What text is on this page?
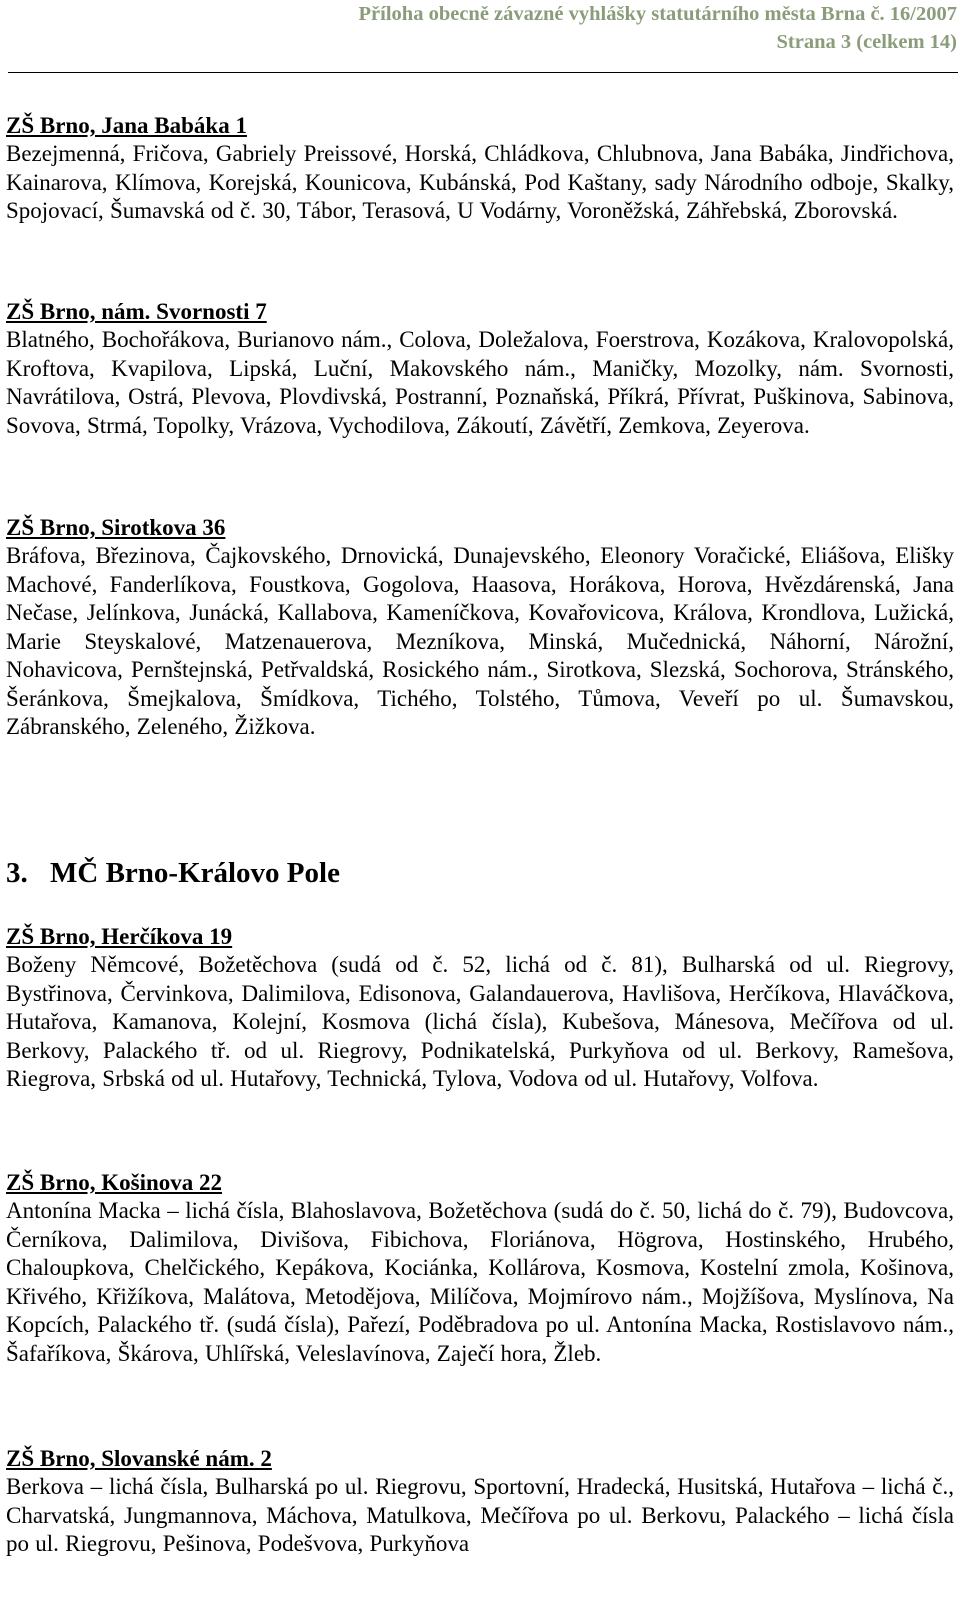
Příloha obecně závazné vyhlášky statutárního města Brna č. 16/2007
Strana 3 (celkem 14)
ZŠ Brno, Jana Babáka 1
Bezejmenná, Fričova, Gabriely Preissové, Horská, Chládkova, Chlubnova, Jana Babáka, Jindřichova, Kainarova, Klímova, Korejská, Kounicova, Kubánská, Pod Kaštany, sady Národního odboje, Skalky, Spojovací, Šumavská od č. 30, Tábor, Terasová, U Vodárny, Voroněžská, Záhřebská, Zborovská.
ZŠ Brno, nám. Svornosti 7
Blatného, Bochořákova, Burianovo nám., Colova, Doležalova, Foerstrova, Kozákova, Kralovopolská, Kroftova, Kvapilova, Lipská, Luční, Makovského nám., Maničky, Mozolky, nám. Svornosti, Navrátilova, Ostrá, Plevova, Plovdivská, Postranní, Poznaňská, Příkrá, Přívrat, Puškinova, Sabinova, Sovova, Strmá, Topolky, Vrázova, Vychodilova, Zákoutí, Závětří, Zemkova, Zeyerova.
ZŠ Brno, Sirotkova 36
Bráfova, Březinova, Čajkovského, Drnovická, Dunajevského, Eleonory Voračické, Eliášova, Elišky Machové, Fanderlíkova, Foustkova, Gogolova, Haasova, Horákova, Horova, Hvězdárenská, Jana Nečase, Jelínkova, Junácká, Kallabova, Kameníčkova, Kovařovicova, Králova, Krondlova, Lužická, Marie Steyskalové, Matzenauerova, Mezníkova, Minská, Mučednická, Náhorní, Nárožní, Nohavicova, Pernštejnská, Petřvaldská, Rosického nám., Sirotkova, Slezská, Sochorova, Stránského, Šeránkova, Šmejkalova, Šmídkova, Tichého, Tolstého, Tůmova, Veveří po ul. Šumavskou, Zábranského, Zeleného, Žižkova.
3. MČ Brno-Královo Pole
ZŠ Brno, Herčíkova 19
Boženy Němcové, Božetěchova (sudá od č. 52, lichá od č. 81), Bulharská od ul. Riegrovy, Bystřinova, Červinkova, Dalimilova, Edisonova, Galandauerova, Havlišova, Herčíkova, Hlaváčkova, Hutařova, Kamanova, Kolejní, Kosmova (lichá čísla), Kubešova, Mánesova, Mečířova od ul. Berkovy, Palackého tř. od ul. Riegrovy, Podnikatelská, Purkyňova od ul. Berkovy, Ramešova, Riegrova, Srbská od ul. Hutařovy, Technická, Tylova, Vodova od ul. Hutařovy, Volfova.
ZŠ Brno, Košinova 22
Antonína Macka – lichá čísla, Blahoslavova, Božetěchova (sudá do č. 50, lichá do č. 79), Budovcova, Černíkova, Dalimilova, Divišova, Fibichova, Floriánova, Högrova, Hostinského, Hrubého, Chaloupkova, Chelčického, Kepákova, Kociánka, Kollárova, Kosmova, Kostelní zmola, Košinova, Křivého, Křižíkova, Malátova, Metodějova, Milíčova, Mojmírovo nám., Mojžíšova, Myslínova, Na Kopcích, Palackého tř. (sudá čísla), Pařezí, Poděbradova po ul. Antonína Macka, Rostislavovo nám., Šafaříkova, Škárova, Uhlířská, Veleslavínova, Zaječí hora, Žleb.
ZŠ Brno, Slovanské nám. 2
Berkova – lichá čísla, Bulharská po ul. Riegrovu, Sportovní, Hradecká, Husitská, Hutařova – lichá č., Charvatská, Jungmannova, Máchova, Matulkova, Mečířova po ul. Berkovu, Palackého – lichá čísla po ul. Riegrovu, Pešinova, Podešvova, Purkyňova
